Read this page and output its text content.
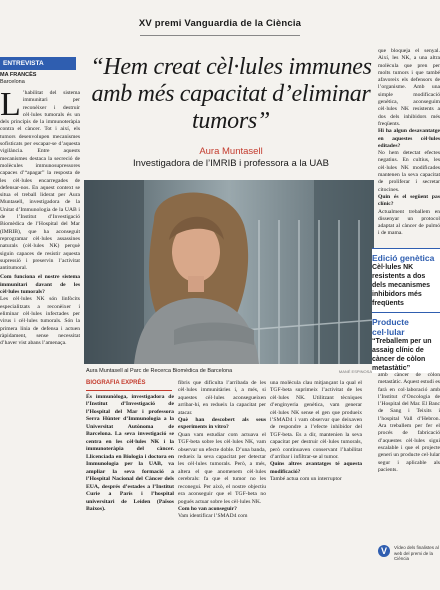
XV premi Vanguardia de la Ciència
ENTREVISTA
MA FRANCÈS
Barcelona
L ’habilitat del sistema immunitari per reconèixer i destruir cèl·lules tumorals és un dels principis de la immunoteràpia contra el càncer. Tot i així, els tumors desenvolupen mecanismes sofisticats per escapar-se d’aquesta vigilància. Entre aquests mecanismes destaca la secreció de molècules immunosupressores capaces d’“apagar” la resposta de les cèl·lules encarregades de defensar-nos. En aquest context se situa el treball liderat per Aura Muntasell, investigadora de la Unitat d’Immunologia de la UAB i de l’Institut d’Investigació Biomèdica de l’Hospital del Mar (IMRIB), que ha aconseguit reprogramar cèl·lules assassines naturals (cèl·lules NK) perquè siguin capaces de resistir aquesta supressió i preservin l’activitat antitumoral.

Com funciona el nostre sistema immunitari davant de les cèl·lules tumorals?

Les cèl·lules NK són linfòcits especialitzats a reconèixer i eliminar cèl·lules infectades per virus i cèl·lules tumorals. Són la primera línia de defensa i actuen ràpidament, sense necessitat d’haver vist abans l’amenaça.

“Hem creat cèl·lules immunes amb més capacitat d’eliminar tumors”
Aura Muntasell
Investigadora de l’IMRIB i professora a la UAB
Aura Muntasell al Parc de Recerca Biomèdica de Barcelona	MANÉ ESPINOSA
BIOGRAFIA EXPRÉS
És immunòloga, investigadora de l’Institut d’Investigació de l’Hospital del Mar i professora Serra Húnter d’Immunologia a la Universitat Autònoma de Barcelona. La seva investigació se centra en les cèl·lules NK i la immunoteràpia del càncer. Llicenciada en Biologia i doctora en Immunologia per la UAB, va ampliar la seva formació a l’Hospital Nacional del Càncer dels EUA, després d’estades a l’Institut Curie a París i l’hospital universitari de Leiden (Països Baixos).

fibris que dificulta l’arribada de les cèl·lules immunitàries i, a més, si aquestes cèl·lules aconsegueixen arribar-hi, en redueix la capacitat per atacar.

Què han descobert als seus experiments in vitro?

Quan vam estudiar com actuava el TGF-beta sobre les cèl·lules NK, vam observar un efecte doble. D’una banda, redueix la seva capacitat per detectar les cèl·lules tumorals. Però, a més, altera el que anomenem cèl·lules cerebrals: fa que el tumor no les reconegui. Per això, el nostre objectiu era aconseguir que el TGF-beta no pogués actuar sobre les cèl·lules NK.

Com ho van aconseguir?

Vam identificar l’SMAD4 com

una molècula clau mitjançant la qual el TGF-beta suprimeix l’activitat de les cèl·lules NK. Utilitzant tècniques d’enginyeria genètica, vam generar cèl·lules NK sense el gen que produeix l’SMAD4 i vam observar que deixaven de respondre a l’efecte inhibidor del TGF-beta. Es a dir, mantenien la seva capacitat per destruir cèl·lules tumorals, però continuaven conservant l’habilitat d’arribar i infiltrar-se al tumor.

Quins altres avantatges té aquesta modificació?

També actua com un interruptor

que bloqueja el senyal. Així, les NK, a una altra molècula que pren per molts tumors i que també afavoreix els defensors de l’organisme. Amb una simple modificació genètica, aconseguim cèl·lules NK resistents a dos dels inhibidors més freqüents.

Hi ha algun desavantatge en aquestes cèl·lules editades?

No hem detectat efectes negatius. En cultius, les cèl·lules NK modificades mantenen la seva capacitat de proliferar i secretar citocines.

Quin és el següent pas clínic?

Actualment treballem en dissenyar un protocol adaptat al càncer de pulmó i de mama.

Edició genètica
Cèl·lules NK resistents a dos dels mecanismes inhibidors més freqüents
Producte cel·lular
“Treballem per un assaig clínic de càncer de còlon metastàtic”

amb càncer de còlon metastàtic. Aquest estudi es farà en col·laboració amb l’Institut d’Oncologia de l’Hospital del Mar. El Banc de Sang i Teixits i l’hospital Vall d’Hebron. Ara treballem per fer el procés de fabricació d’aquestes cèl·lules sigui escalable i que el projecte generi un producte cel·lular segur i aplicable als pacients.

V	Vídeo dels finalistes al web del premi de la Ciència
